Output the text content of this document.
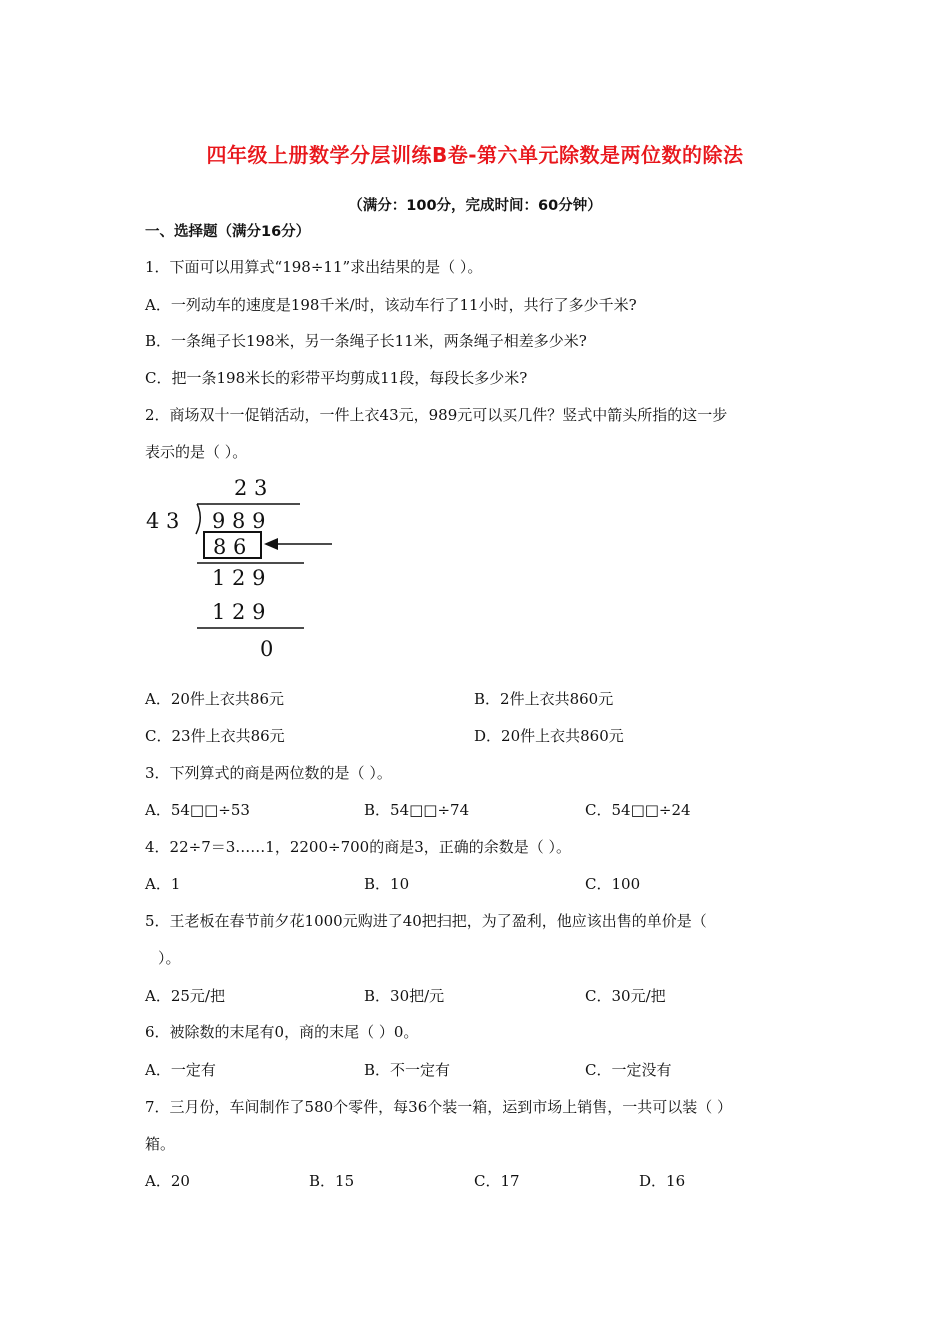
四年级上册数学分层训练B卷-第六单元除数是两位数的除法
（满分：100分，完成时间：60分钟）
一、选择题（满分16分）
1．下面可以用算式“198÷11”求出结果的是（ ）。
A．一列动车的速度是198千米/时，该动车行了11小时，共行了多少千米?
B．一条绳子长198米，另一条绳子长11米，两条绳子相差多少米?
C．把一条198米长的彩带平均剪成11段，每段长多少米?
2．商场双十一促销活动，一件上衣43元，989元可以买几件？竖式中箭头所指的这一步
表示的是（ ）。
2 3
4 3 9 8 9
8 6
1 2 9
1 2 9
0
A．20件上衣共86元	B．2件上衣共860元
C．23件上衣共86元	D．20件上衣共860元
3．下列算式的商是两位数的是（ ）。
A．54□□÷53	B．54□□÷74	C．54□□÷24
4．22÷7＝3……1，2200÷700的商是3，正确的余数是（ ）。
A．1	B．10	C．100
5．王老板在春节前夕花1000元购进了40把扫把，为了盈利，他应该出售的单价是（
）。
A．25元/把	B．30把/元	C．30元/把
6．被除数的末尾有0，商的末尾（ ）0。
A．一定有	B．不一定有	C．一定没有
7．三月份，车间制作了580个零件，每36个装一箱，运到市场上销售，一共可以装（ ）
箱。
A．20	B．15	C．17	D．16
